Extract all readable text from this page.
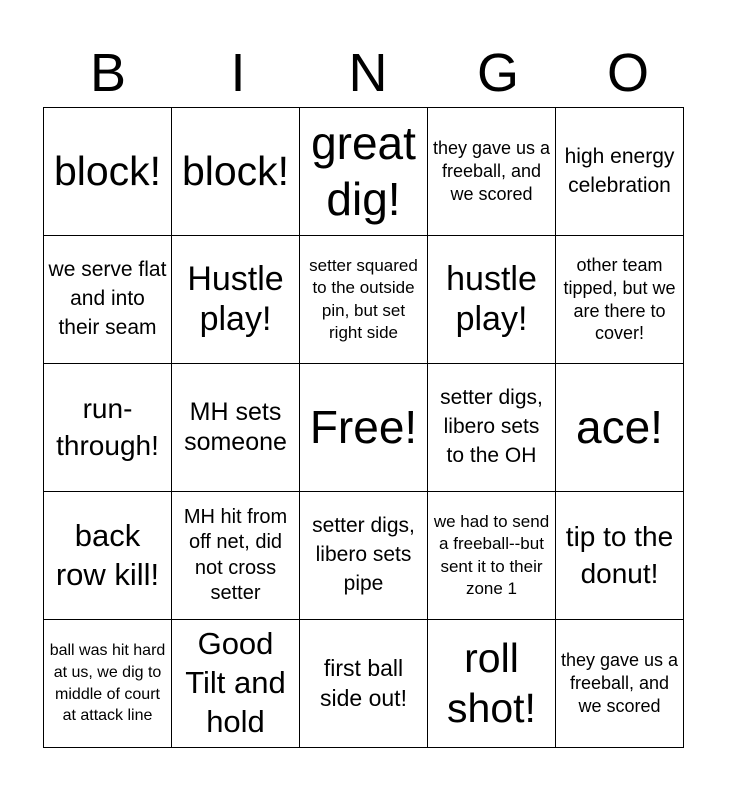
B	I	N	G	O
block!	block!	great dig!	they gave us a freeball, and we scored	high energy celebration
we serve flat and into their seam	Hustle play!	setter squared to the outside pin, but set right side	hustle play!	other team tipped, but we are there to cover!
run-through!	MH sets someone	Free!	setter digs, libero sets to the OH	ace!
back row kill!	MH hit from off net, did not cross setter	setter digs, libero sets pipe	we had to send a freeball--but sent it to their zone 1	tip to the donut!
ball was hit hard at us, we dig to middle of court at attack line	Good Tilt and hold	first ball side out!	roll shot!	they gave us a freeball, and we scored
